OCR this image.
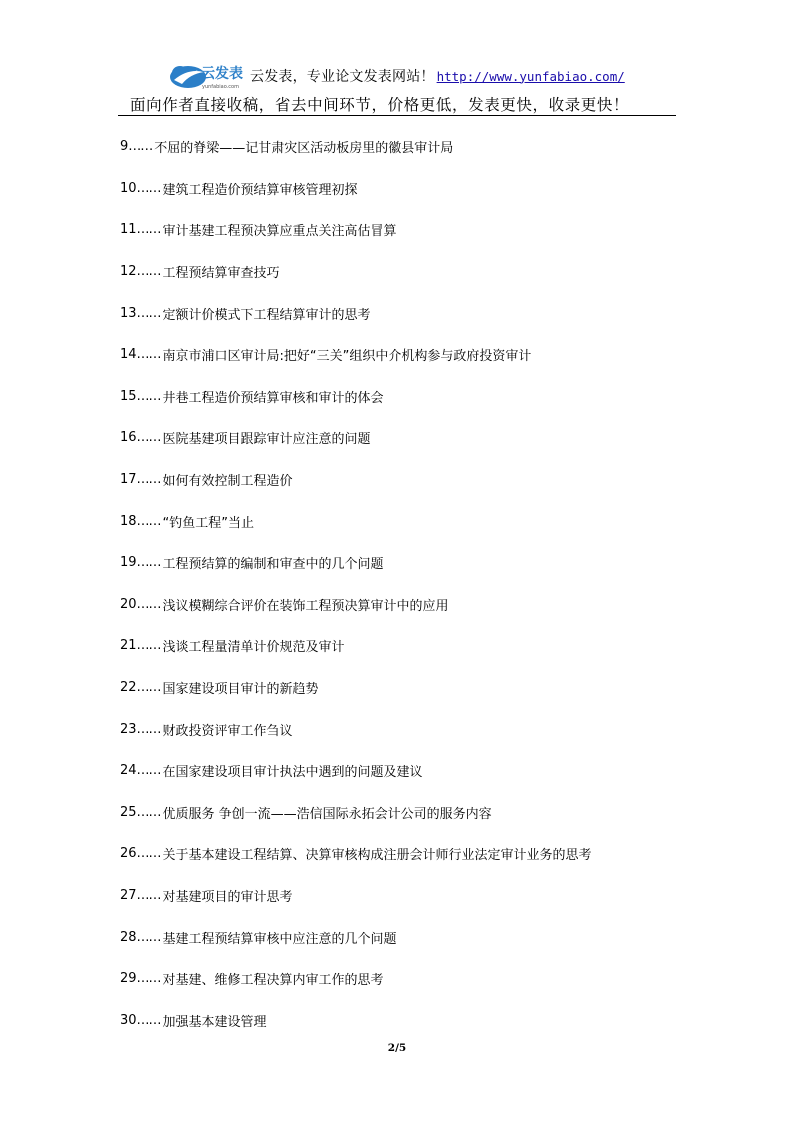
云发表
yunfabiao.com
云发表，专业论文发表网站！ http://www.yunfabiao.com/
面向作者直接收稿，省去中间环节，价格更低，发表更快，收录更快！
9 …… 不屈的脊梁——记甘肃灾区活动板房里的徽县审计局
10 …… 建筑工程造价预结算审核管理初探
11 …… 审计基建工程预决算应重点关注高估冒算
12 …… 工程预结算审查技巧
13 …… 定额计价模式下工程结算审计的思考
14 …… 南京市浦口区审计局:把好“三关”组织中介机构参与政府投资审计
15 …… 井巷工程造价预结算审核和审计的体会
16 …… 医院基建项目跟踪审计应注意的问题
17 …… 如何有效控制工程造价
18 …… “钓鱼工程”当止
19 …… 工程预结算的编制和审查中的几个问题
20 …… 浅议模糊综合评价在装饰工程预决算审计中的应用
21 …… 浅谈工程量清单计价规范及审计
22 …… 国家建设项目审计的新趋势
23 …… 财政投资评审工作刍议
24 …… 在国家建设项目审计执法中遇到的问题及建议
25 …… 优质服务 争创一流——浩信国际永拓会计公司的服务内容
26 …… 关于基本建设工程结算、决算审核构成注册会计师行业法定审计业务的思考
27 …… 对基建项目的审计思考
28 …… 基建工程预结算审核中应注意的几个问题
29 …… 对基建、维修工程决算内审工作的思考
30 …… 加强基本建设管理
2/5
